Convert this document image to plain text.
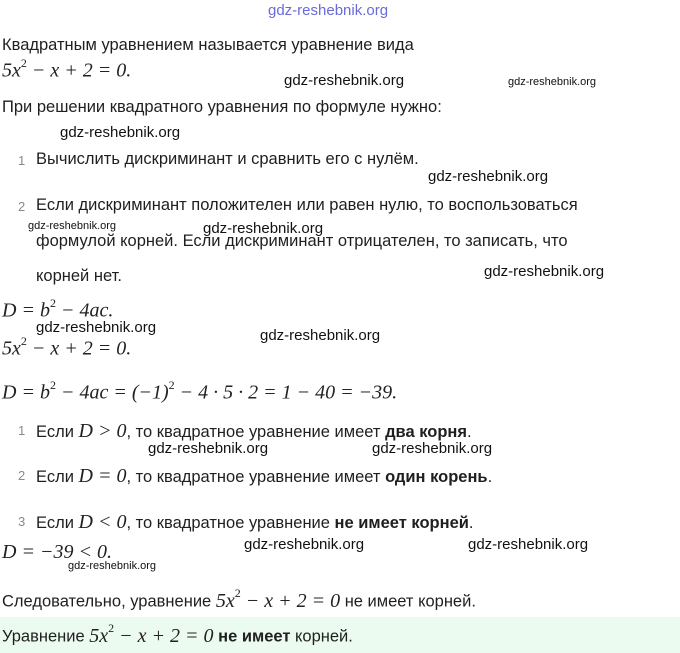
gdz-reshebnik.org
Квадратным уравнением называется уравнение вида
$5x^2 - x + 2 = 0$.	gdz-reshebnik.org	gdz-reshebnik.org
При решении квадратного уравнения по формуле нужно:
gdz-reshebnik.org
1 Вычислить дискриминант и сравнить его с нулём.
gdz-reshebnik.org
2 Если дискриминант положителен или равен нулю, то воспользоваться
gdz-reshebnik.org	gdz-reshebnik.org
формулой корней. Если дискриминант отрицателен, то записать, что
корней нет.	gdz-reshebnik.org
$D = b^2 - 4ac$.
gdz-reshebnik.org	gdz-reshebnik.org
$5x^2 - x + 2 = 0$.
$D = b^2 - 4ac = (-1)^2 - 4 \cdot 5 \cdot 2 = 1 - 40 = -39$.
1 Если D > 0, то квадратное уравнение имеет два корня.
gdz-reshebnik.org	gdz-reshebnik.org
2 Если D = 0, то квадратное уравнение имеет один корень.
3 Если D < 0, то квадратное уравнение не имеет корней.
D = −39 < 0.	gdz-reshebnik.org	gdz-reshebnik.org
gdz-reshebnik.org
Следовательно, уравнение $5x^2 - x + 2 = 0$ не имеет корней.
Уравнение $5x^2 - x + 2 = 0$ не имеет корней.
